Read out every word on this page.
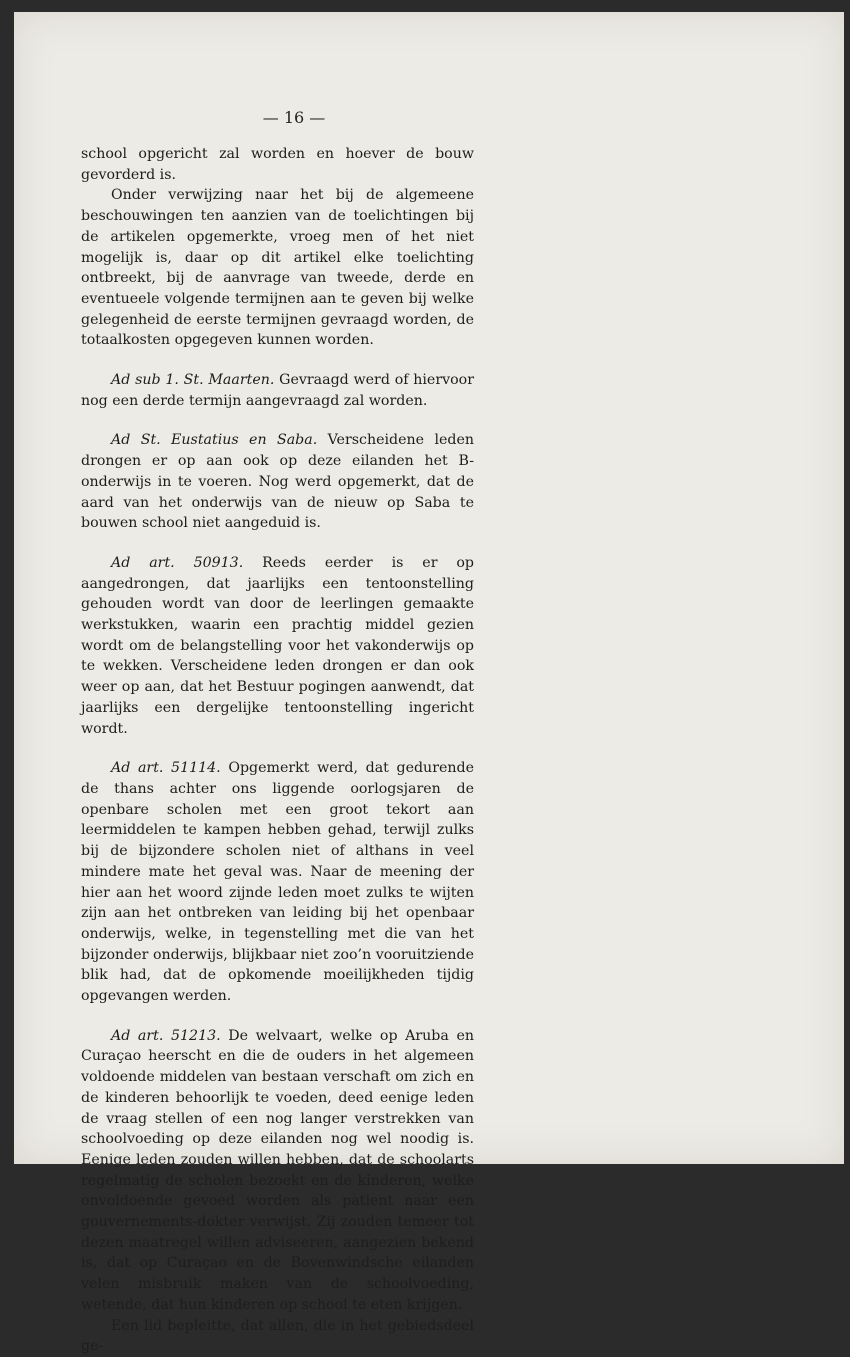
— 16 —

school opgericht zal worden en hoever de bouw gevorderd is.

Onder verwijzing naar het bij de algemeene beschouwingen ten aanzien van de toelichtingen bij de artikelen opgemerkte, vroeg men of het niet mogelijk is, daar op dit artikel elke toelichting ontbreekt, bij de aanvrage van tweede, derde en eventueele volgende termijnen aan te geven bij welke gelegenheid de eerste termijnen gevraagd worden, de totaalkosten opgegeven kunnen worden.

Ad sub 1. St. Maarten. Gevraagd werd of hiervoor nog een derde termijn aangevraagd zal worden.

Ad St. Eustatius en Saba. Verscheidene leden drongen er op aan ook op deze eilanden het B-onderwijs in te voeren. Nog werd opgemerkt, dat de aard van het onderwijs van de nieuw op Saba te bouwen school niet aangeduid is.

Ad art. 50913. Reeds eerder is er op aangedrongen, dat jaarlijks een tentoonstelling gehouden wordt van door de leerlingen gemaakte werkstukken, waarin een prachtig middel gezien wordt om de belangstelling voor het vakonderwijs op te wekken. Verscheidene leden drongen er dan ook weer op aan, dat het Bestuur pogingen aanwendt, dat jaarlijks een dergelijke tentoonstelling ingericht wordt.

Ad art. 51114. Opgemerkt werd, dat gedurende de thans achter ons liggende oorlogsjaren de openbare scholen met een groot tekort aan leermiddelen te kampen hebben gehad, terwijl zulks bij de bijzondere scholen niet of althans in veel mindere mate het geval was. Naar de meening der hier aan het woord zijnde leden moet zulks te wijten zijn aan het ontbreken van leiding bij het openbaar onderwijs, welke, in tegenstelling met die van het bijzonder onderwijs, blijkbaar niet zoo’n vooruitziende blik had, dat de opkomende moeilijkheden tijdig opgevangen werden.

Ad art. 51213. De welvaart, welke op Aruba en Curaçao heerscht en die de ouders in het algemeen voldoende middelen van bestaan verschaft om zich en de kinderen behoorlijk te voeden, deed eenige leden de vraag stellen of een nog langer verstrekken van schoolvoeding op deze eilanden nog wel noodig is. Eenige leden zouden willen hebben, dat de schoolarts regelmatig de scholen bezoekt en de kinderen, welke onvoldoende gevoed worden als patient naar een gouvernements-dokter verwijst. Zij zouden temeer tot dezen maatregel willen adviseeren, aangezien bekend is, dat op Curaçao en de Bovenwindsche eilanden velen misbruik maken van de schoolvoeding, wetende, dat hun kinderen op school te eten krijgen.

Een lid bepleitte, dat allen, die in het gebiedsdeel ge-
